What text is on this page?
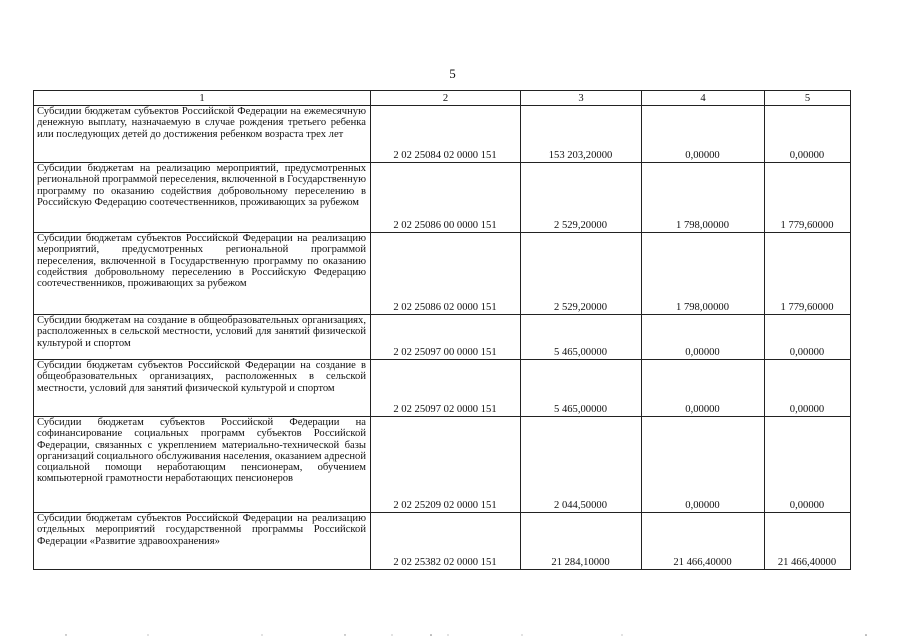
5
1	2	3	4	5
Субсидии бюджетам субъектов Российской Федерации на ежемесячную денежную выплату, назначаемую в случае рождения третьего ребенка или последующих детей до достижения ребенком возраста трех лет	2 02 25084 02 0000 151	153 203,20000	0,00000	0,00000
Субсидии бюджетам на реализацию мероприятий, предусмотренных региональной программой переселения, включенной в Государственную программу по оказанию содействия добровольному переселению в Российскую Федерацию соотечественников, проживающих за рубежом	2 02 25086 00 0000 151	2 529,20000	1 798,00000	1 779,60000
Субсидии бюджетам субъектов Российской Федерации на реализацию мероприятий, предусмотренных региональной программой переселения, включенной в Государственную программу по оказанию содействия добровольному переселению в Российскую Федерацию соотечественников, проживающих за рубежом	2 02 25086 02 0000 151	2 529,20000	1 798,00000	1 779,60000
Субсидии бюджетам на создание в общеобразовательных организациях, расположенных в сельской местности, условий для занятий физической культурой и спортом	2 02 25097 00 0000 151	5 465,00000	0,00000	0,00000
Субсидии бюджетам субъектов Российской Федерации на создание в общеобразовательных организациях, расположенных в сельской местности, условий для занятий физической культурой и спортом	2 02 25097 02 0000 151	5 465,00000	0,00000	0,00000
Субсидии бюджетам субъектов Российской Федерации на софинансирование социальных программ субъектов Российской Федерации, связанных с укреплением материально-технической базы организаций социального обслуживания населения, оказанием адресной социальной помощи неработающим пенсионерам, обучением компьютерной грамотности неработающих пенсионеров	2 02 25209 02 0000 151	2 044,50000	0,00000	0,00000
Субсидии бюджетам субъектов Российской Федерации на реализацию отдельных мероприятий государственной программы Российской Федерации «Развитие здравоохранения»	2 02 25382 02 0000 151	21 284,10000	21 466,40000	21 466,40000
